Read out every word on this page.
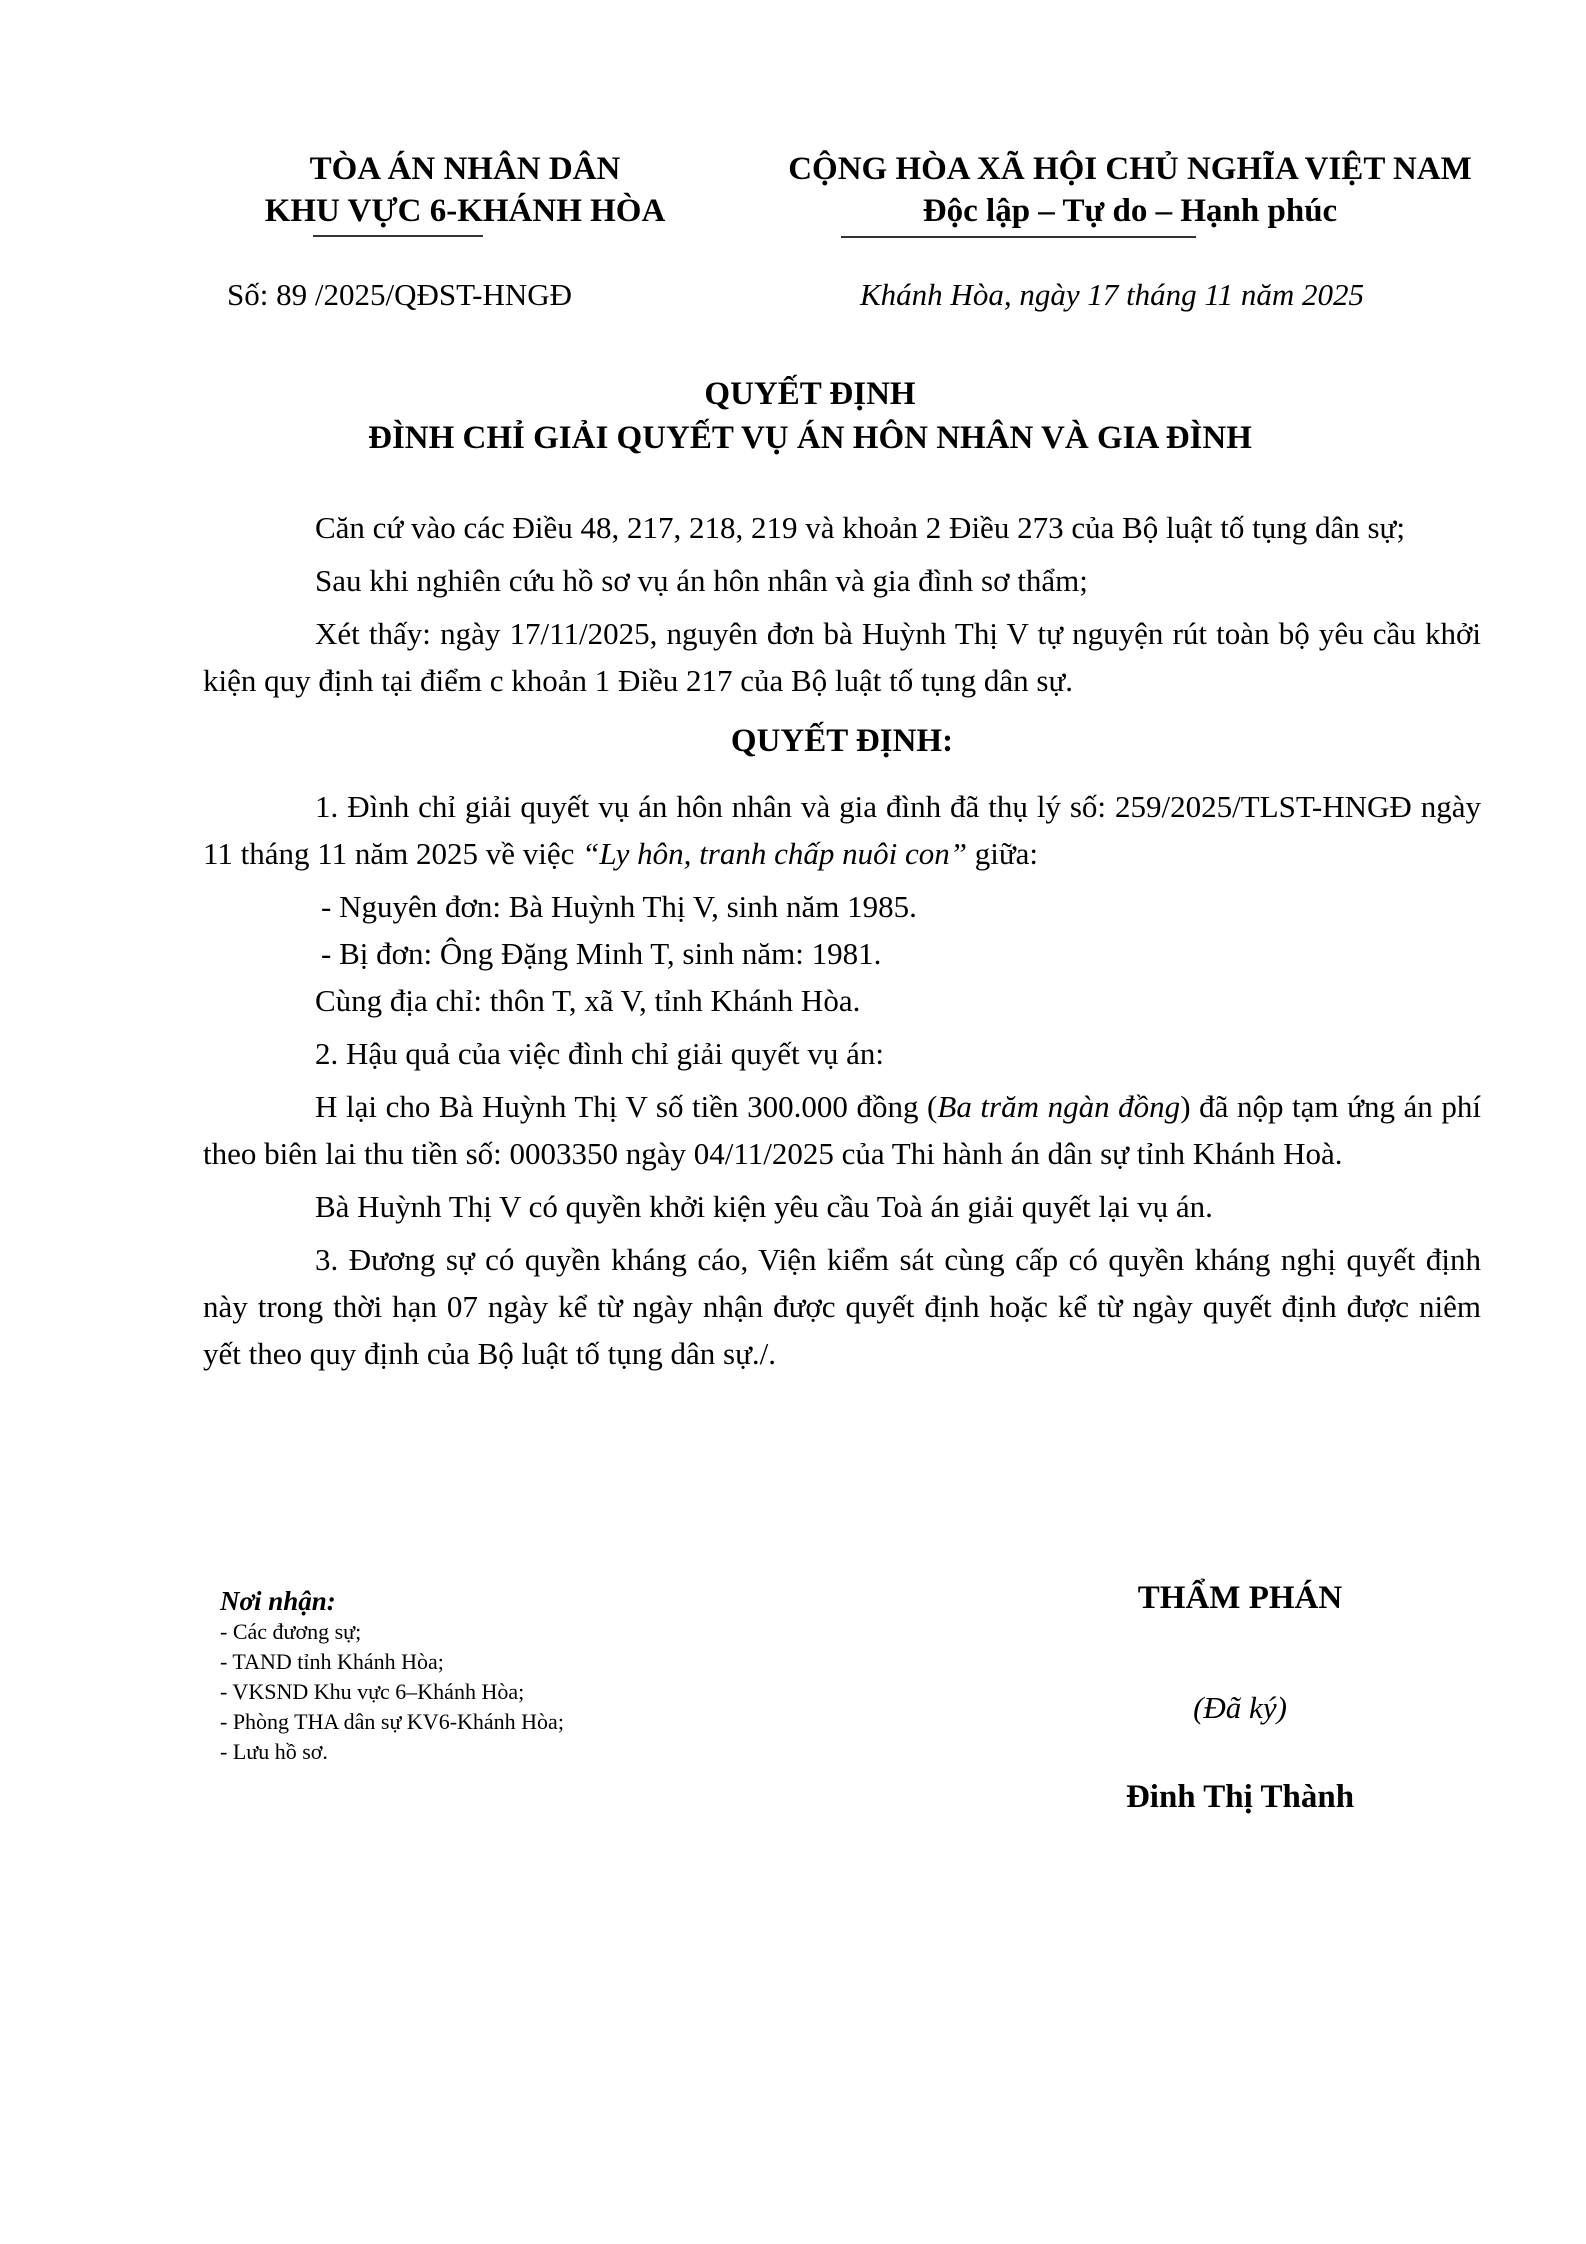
TÒA ÁN NHÂN DÂN
KHU VỰC 6-KHÁNH HÒA
CỘNG HÒA XÃ HỘI CHỦ NGHĨA VIỆT NAM
Độc lập – Tự do – Hạnh phúc
Số: 89 /2025/QĐST-HNGĐ	Khánh Hòa, ngày 17 tháng 11 năm 2025
QUYẾT ĐỊNH
ĐÌNH CHỈ GIẢI QUYẾT VỤ ÁN HÔN NHÂN VÀ GIA ĐÌNH

Căn cứ vào các Điều 48, 217, 218, 219 và khoản 2 Điều 273 của Bộ luật tố tụng dân sự;

Sau khi nghiên cứu hồ sơ vụ án hôn nhân và gia đình sơ thẩm;

Xét thấy: ngày 17/11/2025, nguyên đơn bà Huỳnh Thị V tự nguyện rút toàn bộ yêu cầu khởi kiện quy định tại điểm c khoản 1 Điều 217 của Bộ luật tố tụng dân sự.

QUYẾT ĐỊNH:

1. Đình chỉ giải quyết vụ án hôn nhân và gia đình đã thụ lý số: 259/2025/TLST-HNGĐ ngày 11 tháng 11 năm 2025 về việc “Ly hôn, tranh chấp nuôi con” giữa:

- Nguyên đơn: Bà Huỳnh Thị V, sinh năm 1985.

- Bị đơn: Ông Đặng Minh T, sinh năm: 1981.

Cùng địa chỉ: thôn T, xã V, tỉnh Khánh Hòa.

2. Hậu quả của việc đình chỉ giải quyết vụ án:

H lại cho Bà Huỳnh Thị V số tiền 300.000 đồng (Ba trăm ngàn đồng) đã nộp tạm ứng án phí theo biên lai thu tiền số: 0003350 ngày 04/11/2025 của Thi hành án dân sự tỉnh Khánh Hoà.

Bà Huỳnh Thị V có quyền khởi kiện yêu cầu Toà án giải quyết lại vụ án.

3. Đương sự có quyền kháng cáo, Viện kiểm sát cùng cấp có quyền kháng nghị quyết định này trong thời hạn 07 ngày kể từ ngày nhận được quyết định hoặc kể từ ngày quyết định được niêm yết theo quy định của Bộ luật tố tụng dân sự./.

Nơi nhận:
- Các đương sự;
- TAND tỉnh Khánh Hòa;
- VKSND Khu vực 6–Khánh Hòa;
- Phòng THA dân sự KV6-Khánh Hòa;
- Lưu hồ sơ.
THẨM PHÁN
(Đã ký)
Đinh Thị Thành
